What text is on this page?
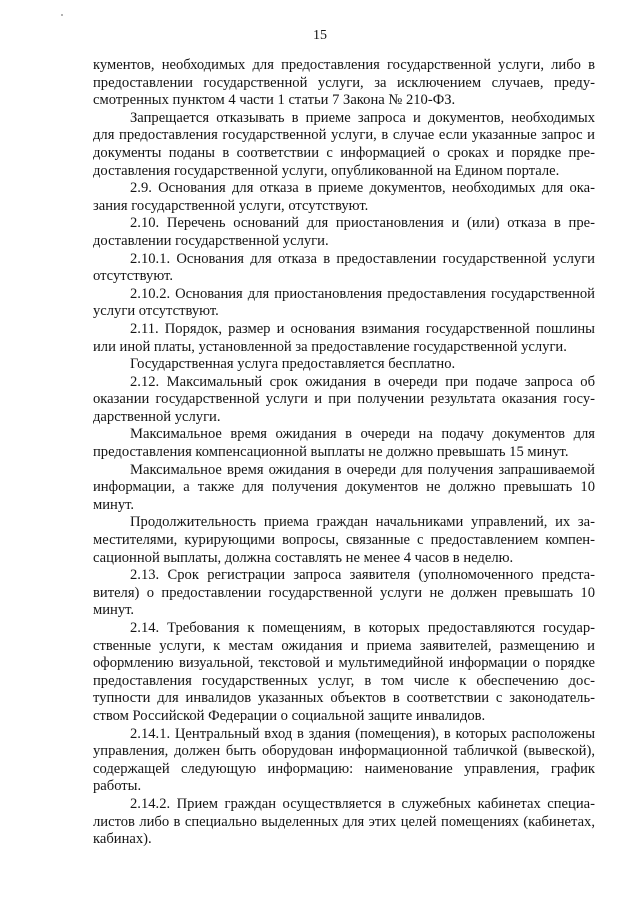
15

кументов, необходимых для предоставления государственной услуги, либо в предоставлении государственной услуги, за исключением случаев, предусмотренных пунктом 4 части 1 статьи 7 Закона № 210-ФЗ.

Запрещается отказывать в приеме запроса и документов, необходимых для предоставления государственной услуги, в случае если указанные запрос и документы поданы в соответствии с информацией о сроках и порядке предоставления государственной услуги, опубликованной на Едином портале.

2.9. Основания для отказа в приеме документов, необходимых для оказания государственной услуги, отсутствуют.

2.10. Перечень оснований для приостановления и (или) отказа в предоставлении государственной услуги.

2.10.1. Основания для отказа в предоставлении государственной услуги отсутствуют.

2.10.2. Основания для приостановления предоставления государственной услуги отсутствуют.

2.11. Порядок, размер и основания взимания государственной пошлины или иной платы, установленной за предоставление государственной услуги.

Государственная услуга предоставляется бесплатно.

2.12. Максимальный срок ожидания в очереди при подаче запроса об оказании государственной услуги и при получении результата оказания государственной услуги.

Максимальное время ожидания в очереди на подачу документов для предоставления компенсационной выплаты не должно превышать 15 минут.

Максимальное время ожидания в очереди для получения запрашиваемой информации, а также для получения документов не должно превышать 10 минут.

Продолжительность приема граждан начальниками управлений, их заместителями, курирующими вопросы, связанные с предоставлением компенсационной выплаты, должна составлять не менее 4 часов в неделю.

2.13. Срок регистрации запроса заявителя (уполномоченного представителя) о предоставлении государственной услуги не должен превышать 10 минут.

2.14. Требования к помещениям, в которых предоставляются государственные услуги, к местам ожидания и приема заявителей, размещению и оформлению визуальной, текстовой и мультимедийной информации о порядке предоставления государственных услуг, в том числе к обеспечению доступности для инвалидов указанных объектов в соответствии с законодательством Российской Федерации о социальной защите инвалидов.

2.14.1. Центральный вход в здания (помещения), в которых расположены управления, должен быть оборудован информационной табличкой (вывеской), содержащей следующую информацию: наименование управления, график работы.

2.14.2. Прием граждан осуществляется в служебных кабинетах специалистов либо в специально выделенных для этих целей помещениях (кабинетах, кабинах).
